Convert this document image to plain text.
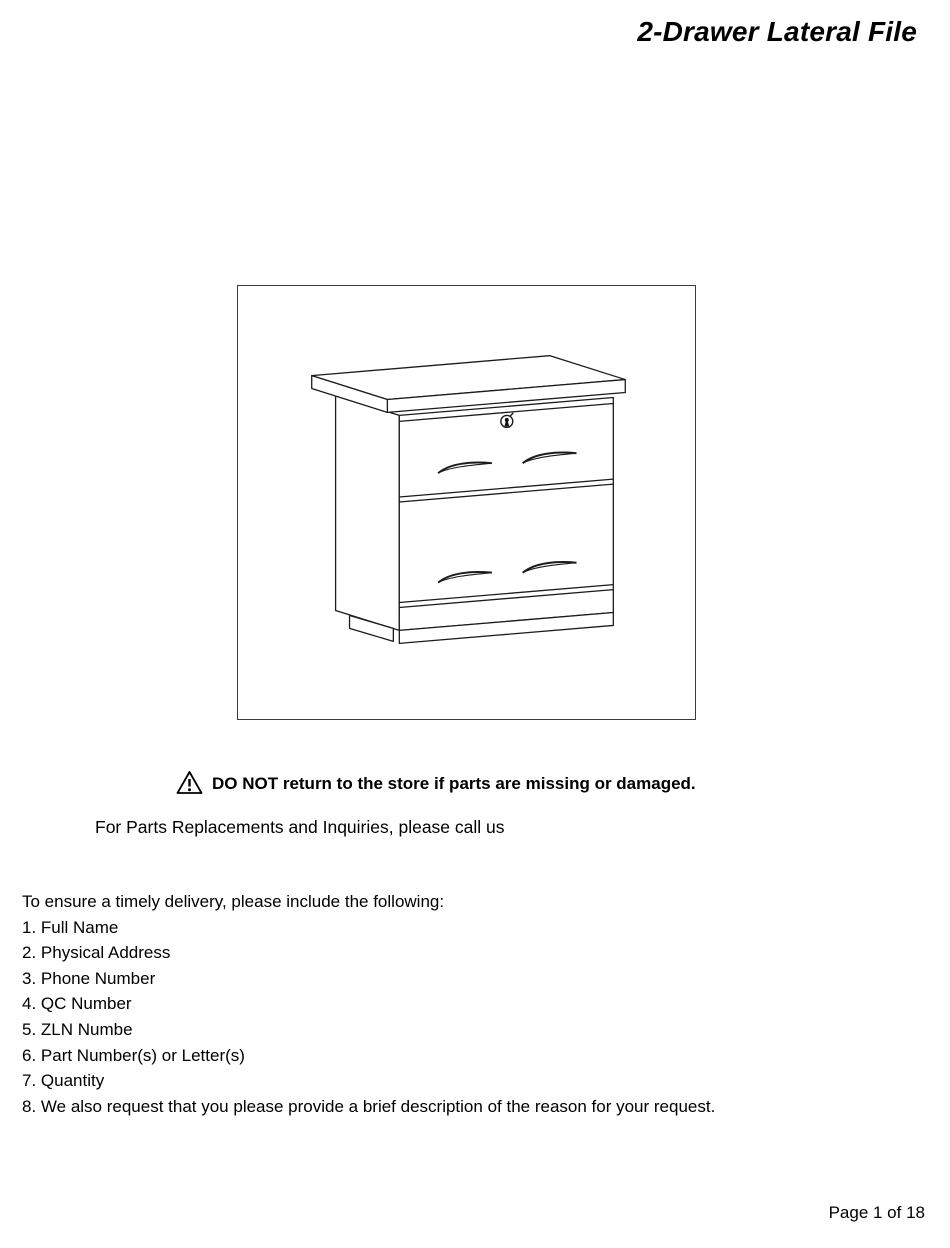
2-Drawer Lateral File
DO NOT return to the store if parts are missing or damaged.
For Parts Replacements and Inquiries, please call us
To ensure a timely delivery, please include the following:
1. Full Name
2. Physical Address
3. Phone Number
4. QC Number
5. ZLN Numbe
6. Part Number(s) or Letter(s)
7. Quantity
8. We also request that you please provide a brief description of the reason for your request.
Page 1 of 18
